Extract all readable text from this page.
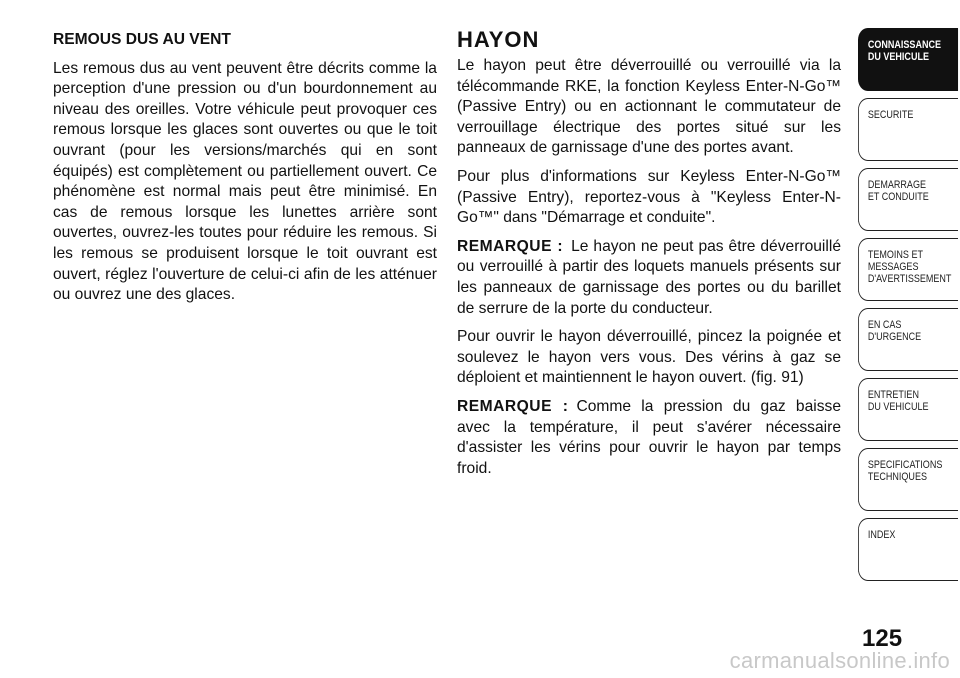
REMOUS DUS AU VENT

Les remous dus au vent peuvent être décrits comme la perception d'une pression ou d'un bourdonnement au niveau des oreilles. Votre véhicule peut provoquer ces remous lorsque les glaces sont ouvertes ou que le toit ouvrant (pour les versions/marchés qui en sont équipés) est complètement ou partiellement ouvert. Ce phénomène est normal mais peut être minimisé. En cas de remous lorsque les lunettes arrière sont ouvertes, ouvrez-les toutes pour réduire les remous. Si les remous se produisent lorsque le toit ouvrant est ouvert, réglez l'ouverture de celui-ci afin de les atténuer ou ouvrez une des glaces.

HAYON

Le hayon peut être déverrouillé ou verrouillé via la télécommande RKE, la fonction Keyless Enter-N-Go™ (Passive Entry) ou en actionnant le commutateur de verrouillage électrique des portes situé sur les panneaux de garnissage d'une des portes avant.

Pour plus d'informations sur Keyless Enter-N-Go™ (Passive Entry), reportez-vous à "Keyless Enter-N-Go™" dans "Démarrage et conduite".

REMARQUE : Le hayon ne peut pas être déverrouillé ou verrouillé à partir des loquets manuels présents sur les panneaux de garnissage des portes ou du barillet de serrure de la porte du conducteur.

Pour ouvrir le hayon déverrouillé, pincez la poignée et soulevez le hayon vers vous. Des vérins à gaz se déploient et maintiennent le hayon ouvert. (fig. 91)

REMARQUE : Comme la pression du gaz baisse avec la température, il peut s'avérer nécessaire d'assister les vérins pour ouvrir le hayon par temps froid.

CONNAISSANCE
DU VEHICULE
SECURITE
DEMARRAGE
ET CONDUITE
TEMOINS ET
MESSAGES
D'AVERTISSEMENT
EN CAS
D'URGENCE
ENTRETIEN
DU VEHICULE
SPECIFICATIONS
TECHNIQUES
INDEX
125
carmanualsonline.info
